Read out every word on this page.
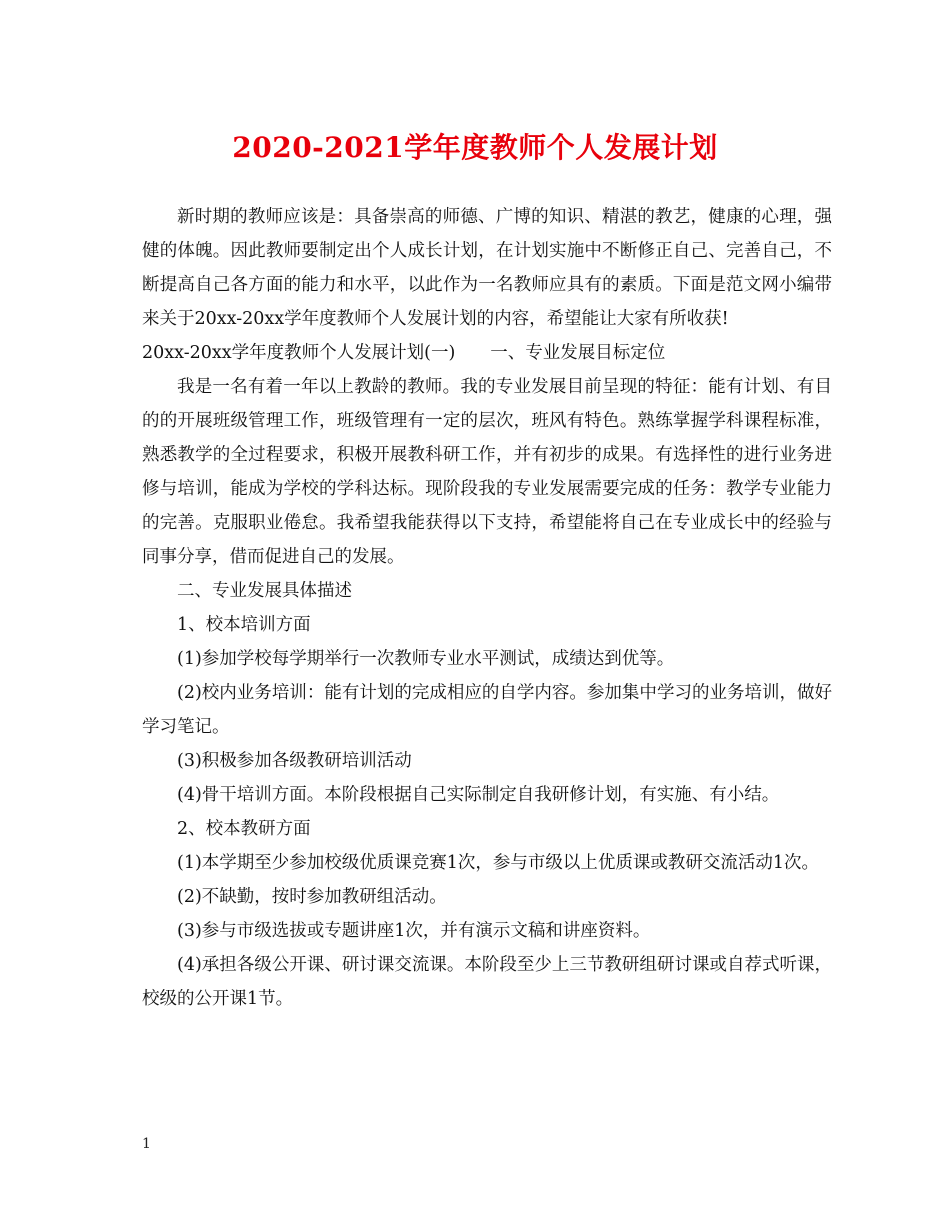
2020-2021学年度教师个人发展计划

新时期的教师应该是：具备崇高的师德、广博的知识、精湛的教艺，健康的心理，强健的体魄。因此教师要制定出个人成长计划，在计划实施中不断修正自己、完善自己，不断提高自己各方面的能力和水平，以此作为一名教师应具有的素质。下面是范文网小编带来关于20xx-20xx学年度教师个人发展计划的内容，希望能让大家有所收获!

20xx-20xx学年度教师个人发展计划(一)　　一、专业发展目标定位

我是一名有着一年以上教龄的教师。我的专业发展目前呈现的特征：能有计划、有目的的开展班级管理工作，班级管理有一定的层次，班风有特色。熟练掌握学科课程标准，熟悉教学的全过程要求，积极开展教科研工作，并有初步的成果。有选择性的进行业务进修与培训，能成为学校的学科达标。现阶段我的专业发展需要完成的任务：教学专业能力的完善。克服职业倦怠。我希望我能获得以下支持，希望能将自己在专业成长中的经验与同事分享，借而促进自己的发展。

二、专业发展具体描述

1、校本培训方面

(1)参加学校每学期举行一次教师专业水平测试，成绩达到优等。

(2)校内业务培训：能有计划的完成相应的自学内容。参加集中学习的业务培训，做好学习笔记。

(3)积极参加各级教研培训活动

(4)骨干培训方面。本阶段根据自己实际制定自我研修计划，有实施、有小结。

2、校本教研方面

(1)本学期至少参加校级优质课竞赛1次，参与市级以上优质课或教研交流活动1次。

(2)不缺勤，按时参加教研组活动。

(3)参与市级选拔或专题讲座1次，并有演示文稿和讲座资料。

(4)承担各级公开课、研讨课交流课。本阶段至少上三节教研组研讨课或自荐式听课，校级的公开课1节。

1
